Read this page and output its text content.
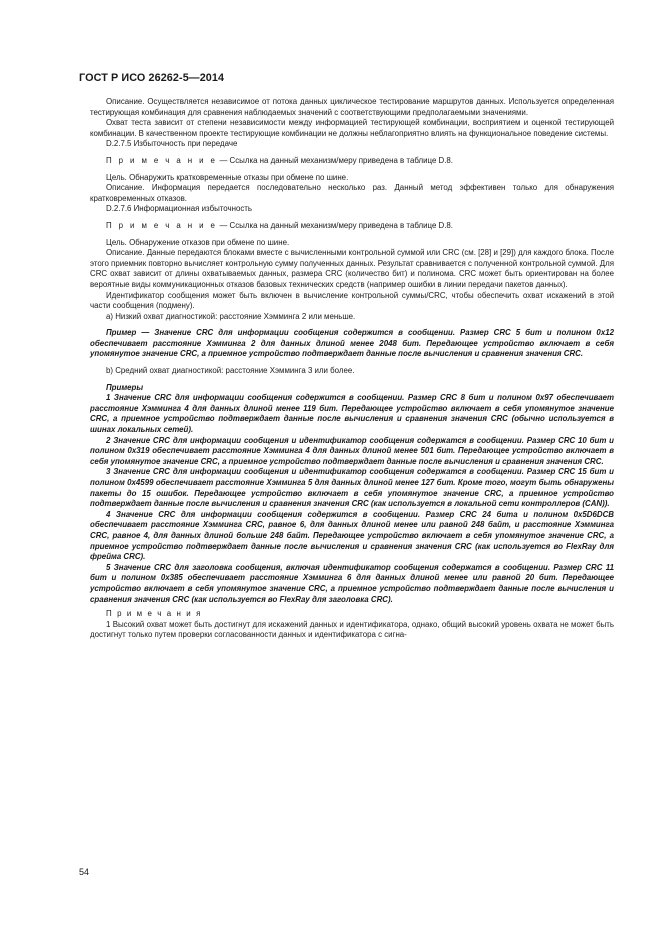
ГОСТ Р ИСО 26262-5—2014

Описание. Осуществляется независимое от потока данных циклическое тестирование маршрутов данных. Используется определенная тестирующая комбинация для сравнения наблюдаемых значений с соответствующими предполагаемыми значениями.

Охват теста зависит от степени независимости между информацией тестирующей комбинации, восприятием и оценкой тестирующей комбинации. В качественном проекте тестирующие комбинации не должны неблагоприятно влиять на функциональное поведение системы.

D.2.7.5 Избыточность при передаче

П р и м е ч а н и е — Ссылка на данный механизм/меру приведена в таблице D.8.

Цель. Обнаружить кратковременные отказы при обмене по шине.

Описание. Информация передается последовательно несколько раз. Данный метод эффективен только для обнаружения кратковременных отказов.

D.2.7.6 Информационная избыточность

П р и м е ч а н и е — Ссылка на данный механизм/меру приведена в таблице D.8.

Цель. Обнаружение отказов при обмене по шине.

Описание. Данные передаются блоками вместе с вычисленными контрольной суммой или CRC (см. [28] и [29]) для каждого блока. После этого приемник повторно вычисляет контрольную сумму полученных данных. Результат сравнивается с полученной контрольной суммой. Для CRC охват зависит от длины охватываемых данных, размера CRC (количество бит) и полинома. CRC может быть ориентирован на более вероятные виды коммуникационных отказов базовых технических средств (например ошибки в линии передачи пакетов данных).

Идентификатор сообщения может быть включен в вычисление контрольной суммы/CRC, чтобы обеспечить охват искажений в этой части сообщения (подмену).

а) Низкий охват диагностикой: расстояние Хэмминга 2 или меньше.

Пример — Значение CRC для информации сообщения содержится в сообщении. Размер CRC 5 бит и полином 0x12 обеспечивает расстояние Хэмминга 2 для данных длиной менее 2048 бит. Передающее устройство включает в себя упомянутое значение CRC, а приемное устройство подтверждает данные после вычисления и сравнения значения CRC.

b) Средний охват диагностикой: расстояние Хэмминга 3 или более.

Примеры

1 Значение CRC для информации сообщения содержится в сообщении. Размер CRC 8 бит и полином 0x97 обеспечивает расстояние Хэмминга 4 для данных длиной менее 119 бит. Передающее устройство включает в себя упомянутое значение CRC, а приемное устройство подтверждает данные после вычисления и сравнения значения CRC (обычно используется в шинах локальных сетей).

2 Значение CRC для информации сообщения и идентификатор сообщения содержатся в сообщении. Размер CRC 10 бит и полином 0x319 обеспечивает расстояние Хэмминга 4 для данных длиной менее 501 бит. Передающее устройство включает в себя упомянутое значение CRC, а приемное устройство подтверждает данные после вычисления и сравнения значения CRC.

3 Значение CRC для информации сообщения и идентификатор сообщения содержатся в сообщении. Размер CRC 15 бит и полином 0x4599 обеспечивает расстояние Хэмминга 5 для данных длиной менее 127 бит. Кроме того, могут быть обнаружены пакеты до 15 ошибок. Передающее устройство включает в себя упомянутое значение CRC, а приемное устройство подтверждает данные после вычисления и сравнения значения CRC (как используется в локальной сети контроллеров (CAN)).

4 Значение CRC для информации сообщения содержится в сообщении. Размер CRC 24 бита и полином 0x5D6DCB обеспечивает расстояние Хэмминга CRC, равное 6, для данных длиной менее или равной 248 байт, и расстояние Хэмминга CRC, равное 4, для данных длиной больше 248 байт. Передающее устройство включает в себя упомянутое значение CRC, а приемное устройство подтверждает данные после вычисления и сравнения значения CRC (как используется во FlexRay для фрейма CRC).

5 Значение CRC для заголовка сообщения, включая идентификатор сообщения содержатся в сообщении. Размер CRC 11 бит и полином 0x385 обеспечивает расстояние Хэмминга 6 для данных длиной менее или равной 20 бит. Передающее устройство включает в себя упомянутое значение CRC, а приемное устройство подтверждает данные после вычисления и сравнения значения CRC (как используется во FlexRay для заголовка CRC).

П р и м е ч а н и я

1 Высокий охват может быть достигнут для искажений данных и идентификатора, однако, общий высокий уровень охвата не может быть достигнут только путем проверки согласованности данных и идентификатора с сигна-

54
